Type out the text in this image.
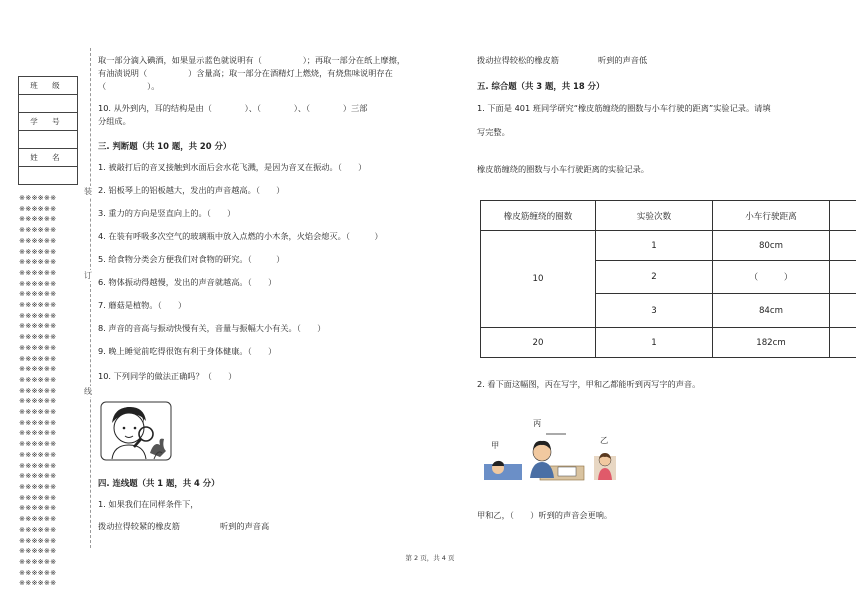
班 级

学 号

姓 名

※※※※※※
※※※※※※
※※※※※※
※※※※※※
※※※※※※
※※※※※※
※※※※※※
※※※※※※
※※※※※※
※※※※※※
※※※※※※
※※※※※※
※※※※※※
※※※※※※
※※※※※※
※※※※※※
※※※※※※
※※※※※※
※※※※※※
※※※※※※
※※※※※※
※※※※※※
※※※※※※
※※※※※※
※※※※※※
※※※※※※
※※※※※※
※※※※※※
※※※※※※
※※※※※※
※※※※※※
※※※※※※
※※※※※※
※※※※※※
※※※※※※
※※※※※※
※※※※※※
装
订
线
取一部分滴入碘酒，如果显示蓝色就说明有（　　　　　）；再取一部分在纸上摩擦，
有油渍说明（　　　　　）含量高；取一部分在酒精灯上燃烧，有烧焦味说明存在
（　　　　　）。
10. 从外到内，耳的结构是由（　　　　）、（　　　　）、（　　　　）三部
分组成。
三. 判断题（共 10 题，共 20 分）
1. 被敲打后的音叉接触到水面后会水花飞溅，是因为音叉在振动。（　　）
2. 铝板琴上的铝板越大，发出的声音越高。（　　）
3. 重力的方向是竖直向上的。（　　）
4. 在装有呼吸多次空气的玻璃瓶中放入点燃的小木条，火焰会熄灭。（　　　）
5. 给食物分类会方便我们对食物的研究。（　　　）
6. 物体振动得越慢，发出的声音就越高。（　　）
7. 蘑菇是植物。（　　）
8. 声音的音高与振动快慢有关，音量与振幅大小有关。（　　）
9. 晚上睡觉前吃得很饱有利于身体健康。（　　）
10. 下列同学的做法正确吗？（　　）
四. 连线题（共 1 题，共 4 分）
1. 如果我们在同样条件下，
拨动拉得较紧的橡皮筋	听到的声音高
拨动拉得较松的橡皮筋	听到的声音低
五. 综合题（共 3 题，共 18 分）
1. 下面是 401 班同学研究“橡皮筋缠绕的圈数与小车行驶的距离”实验记录。请填
写完整。
橡皮筋缠绕的圈数与小车行驶距离的实验记录。
橡皮筋缠绕的圈数	实验次数	小车行驶距离	
10	1	80cm	
	2	（　　　）	
	3	84cm	
20	1	182cm	
2. 看下面这幅图，丙在写字，甲和乙都能听到丙写字的声音。
丙
甲	乙
甲和乙，（　　）听到的声音会更响。
第 2 页，共 4 页
